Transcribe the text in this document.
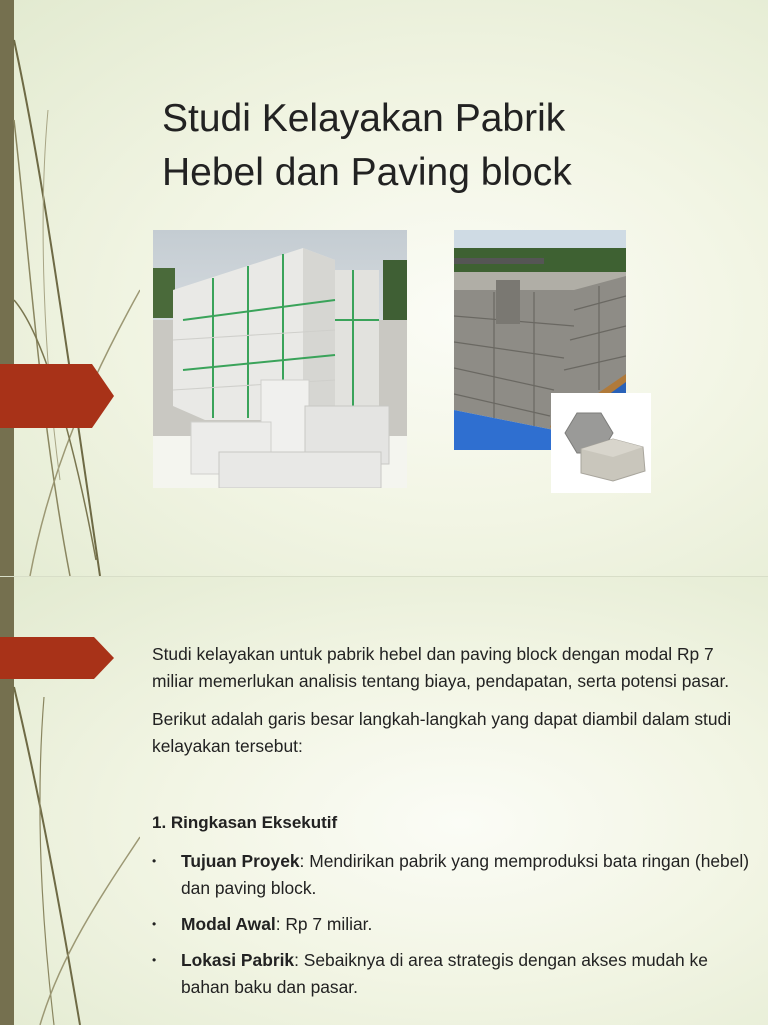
Studi Kelayakan Pabrik
Hebel dan Paving block

Studi kelayakan untuk pabrik hebel dan paving block dengan modal Rp 7 miliar memerlukan analisis tentang biaya, pendapatan, serta potensi pasar.

Berikut adalah garis besar langkah-langkah yang dapat diambil dalam studi kelayakan tersebut:

1. Ringkasan Eksekutif
• Tujuan Proyek: Mendirikan pabrik yang memproduksi bata ringan (hebel) dan paving block.
• Modal Awal: Rp 7 miliar.
• Lokasi Pabrik: Sebaiknya di area strategis dengan akses mudah ke bahan baku dan pasar.
